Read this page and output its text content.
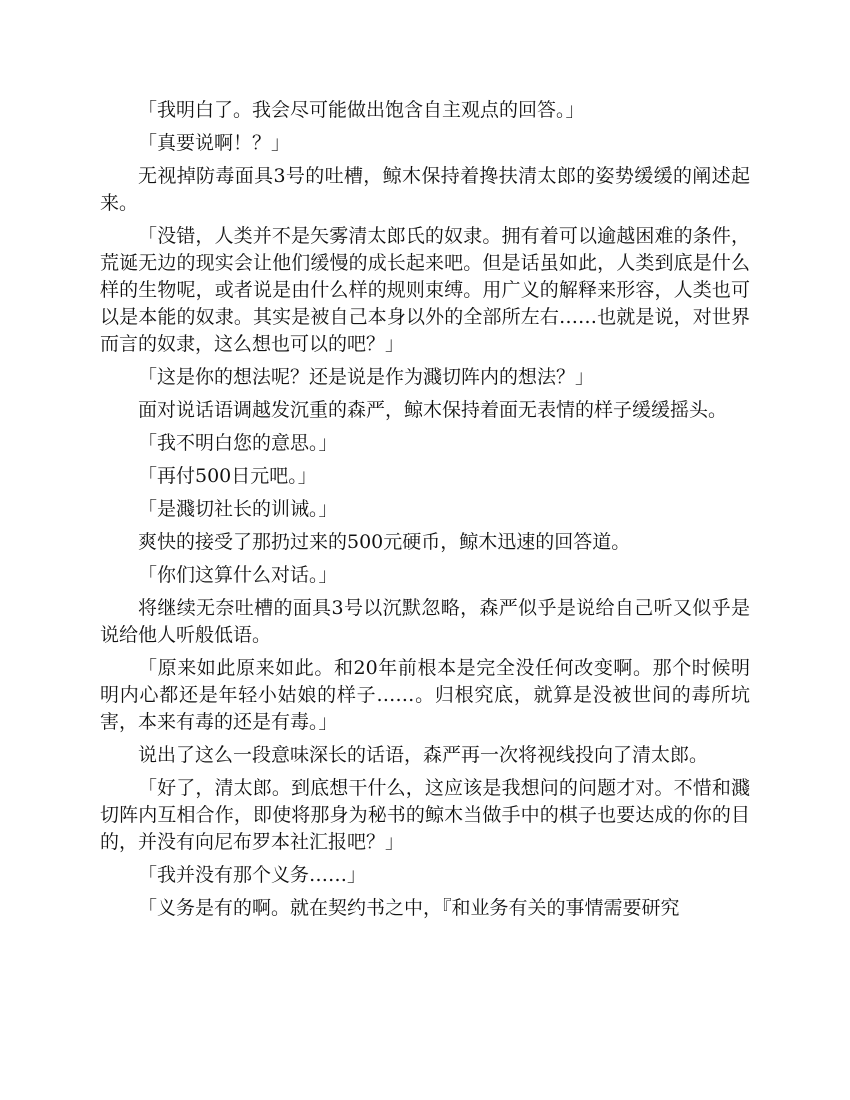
「我明白了。我会尽可能做出饱含自主观点的回答。」

「真要说啊！？」

无视掉防毒面具3号的吐槽，鲸木保持着搀扶清太郎的姿势缓缓的阐述起来。

「没错，人类并不是矢雾清太郎氏的奴隶。拥有着可以逾越困难的条件，荒诞无边的现实会让他们缓慢的成长起来吧。但是话虽如此，人类到底是什么样的生物呢，或者说是由什么样的规则束缚。用广义的解释来形容，人类也可以是本能的奴隶。其实是被自己本身以外的全部所左右……也就是说，对世界而言的奴隶，这么想也可以的吧？」

「这是你的想法呢？还是说是作为濺切阵内的想法？」

面对说话语调越发沉重的森严，鲸木保持着面无表情的样子缓缓摇头。

「我不明白您的意思。」

「再付500日元吧。」

「是濺切社长的训诫。」

爽快的接受了那扔过来的500元硬币，鲸木迅速的回答道。

「你们这算什么对话。」

将继续无奈吐槽的面具3号以沉默忽略，森严似乎是说给自己听又似乎是说给他人听般低语。

「原来如此原来如此。和20年前根本是完全没任何改变啊。那个时候明明内心都还是年轻小姑娘的样子……。归根究底，就算是没被世间的毒所坑害，本来有毒的还是有毒。」

说出了这么一段意味深长的话语，森严再一次将视线投向了清太郎。

「好了，清太郎。到底想干什么，这应该是我想问的问题才对。不惜和濺切阵内互相合作，即使将那身为秘书的鲸木当做手中的棋子也要达成的你的目的，并没有向尼布罗本社汇报吧？」

「我并没有那个义务……」

「义务是有的啊。就在契约书之中，『和业务有关的事情需要研究
